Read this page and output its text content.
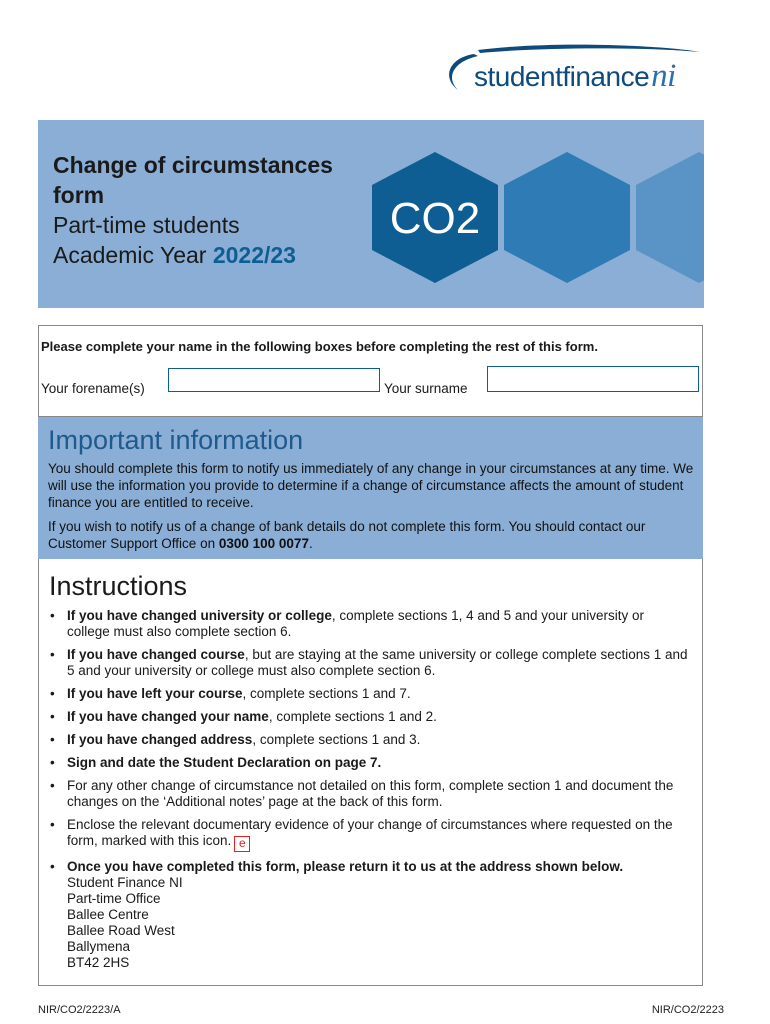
studentfinanceni
Change of circumstances form
Part-time students
Academic Year 2022/23
CO2
Please complete your name in the following boxes before completing the rest of this form.
Your forename(s)	Your surname
Important information

You should complete this form to notify us immediately of any change in your circumstances at any time. We will use the information you provide to determine if a change of circumstance affects the amount of student finance you are entitled to receive.

If you wish to notify us of a change of bank details do not complete this form. You should contact our Customer Support Office on 0300 100 0077.

Instructions
• If you have changed university or college, complete sections 1, 4 and 5 and your university or college must also complete section 6.
• If you have changed course, but are staying at the same university or college complete sections 1 and 5 and your university or college must also complete section 6.
• If you have left your course, complete sections 1 and 7.
• If you have changed your name, complete sections 1 and 2.
• If you have changed address, complete sections 1 and 3.
• Sign and date the Student Declaration on page 7.
• For any other change of circumstance not detailed on this form, complete section 1 and document the changes on the ‘Additional notes’ page at the back of this form.
• Enclose the relevant documentary evidence of your change of circumstances where requested on the form, marked with this icon. e
• Once you have completed this form, please return it to us at the address shown below.
Student Finance NI
Part-time Office
Ballee Centre
Ballee Road West
Ballymena
BT42 2HS
NIR/CO2/2223/A	NIR/CO2/2223
